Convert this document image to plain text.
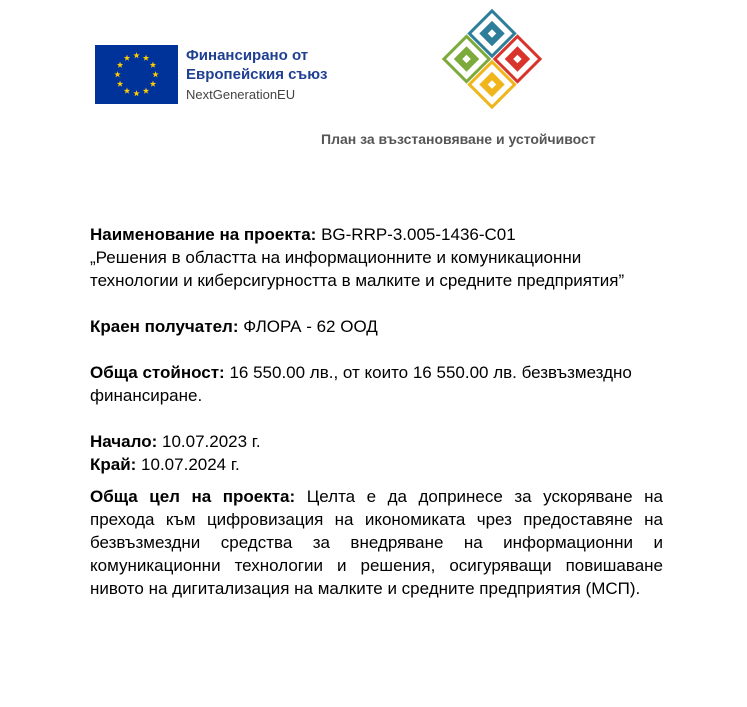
Финансирано от
Европейския съюз
NextGenerationEU
План за възстановяване и устойчивост

Наименование на проекта: BG-RRP-3.005-1436-C01

„Решения в областта на информационните и комуникационни технологии и киберсигурността в малките и средните предприятия”

Краен получател: ФЛОРА - 62 ООД

Обща стойност: 16 550.00 лв., от които 16 550.00 лв. безвъзмездно финансиране.

Начало: 10.07.2023 г.

Край: 10.07.2024 г.

Обща цел на проекта: Целта е да допринесе за ускоряване на прехода към цифровизация на икономиката чрез предоставяне на безвъзмездни средства за внедряване на информационни и комуникационни технологии и решения, осигуряващи повишаване нивото на дигитализация на малките и средните предприятия (МСП).
